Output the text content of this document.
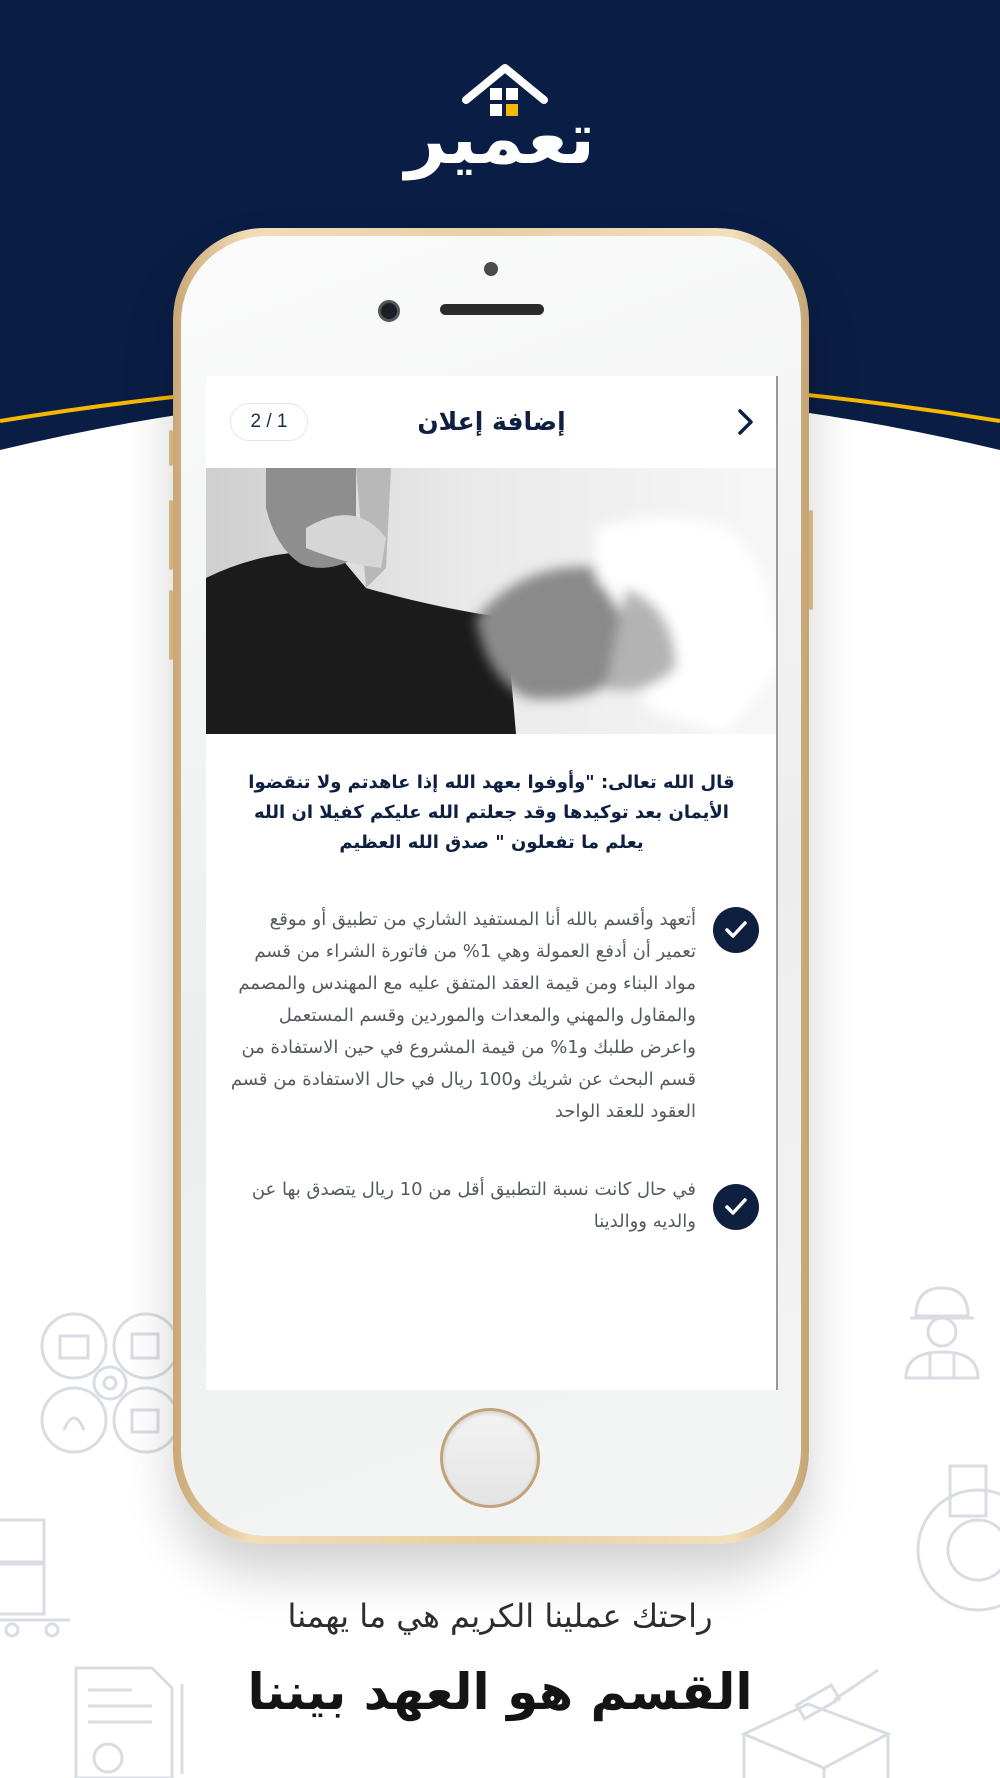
تعمير
2 / 1	إضافة إعلان
قال الله تعالى: "وأوفوا بعهد الله إذا عاهدتم ولا تنقضوا الأيمان بعد توكيدها وقد جعلتم الله عليكم كفيلا ان الله يعلم ما تفعلون " صدق الله العظيم
أتعهد وأقسم بالله أنا المستفيد الشاري من تطبيق أو موقع تعمير أن أدفع العمولة وهي 1% من فاتورة الشراء من قسم مواد البناء ومن قيمة العقد المتفق عليه مع المهندس والمصمم والمقاول والمهني والمعدات والموردين وقسم المستعمل واعرض طلبك و1% من قيمة المشروع في حين الاستفادة من قسم البحث عن شريك و100 ريال في حال الاستفادة من قسم العقود للعقد الواحد
في حال كانت نسبة التطبيق أقل من 10 ريال يتصدق بها عن والديه ووالدينا
راحتك عملينا الكريم هي ما يهمنا
القسم هو العهد بيننا
